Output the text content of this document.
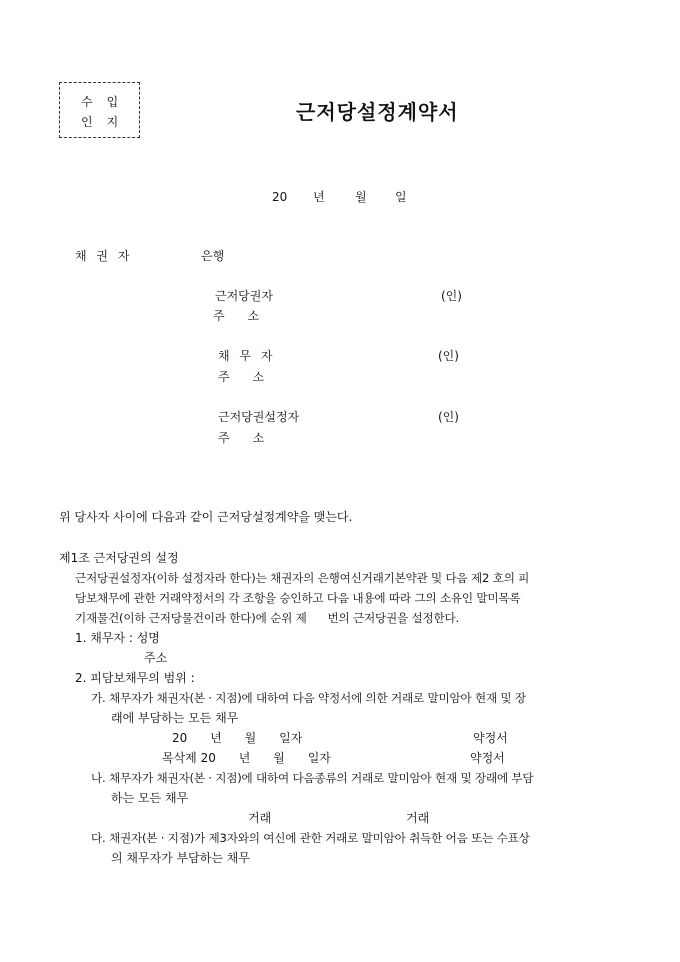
수입
인지	근저당설정계약서
20 년	월 일
채 권 자	은행
근저당권자	(인)
주      소
채 무 자	(인)
주      소
근저당권설정자	(인)
주      소
위 당사자 사이에 다음과 같이 근저당설정계약을 맺는다.
제1조 근저당권의 설정
근저당권설정자(이하 설정자라 한다)는 채권자의 은행여신거래기본약관 및 다음 제2 호의 피
담보채무에 관한 거래약정서의 각 조항을 승인하고 다음 내용에 따라 그의 소유인 말미목록
기재물건(이하 근저당물건이라 한다)에 순위 제      번의 근저당권을 설정한다.
1. 채무자 : 성명
주소
2. 피담보채무의 범위 :
가. 채무자가 채권자(본 · 지점)에 대하여 다음 약정서에 의한 거래로 말미암아 현재 및 장
래에 부담하는 모든 채무
20      년      월      일자	약정서
목삭제 20      년      월      일자	약정서
나. 채무자가 채권자(본 · 지점)에 대하여 다음종류의 거래로 말미암아 현재 및 장래에 부담
하는 모든 채무
거래	거래
다. 채권자(본 · 지점)가 제3자와의 여신에 관한 거래로 말미암아 취득한 어음 또는 수표상
의 채무자가 부담하는 채무
